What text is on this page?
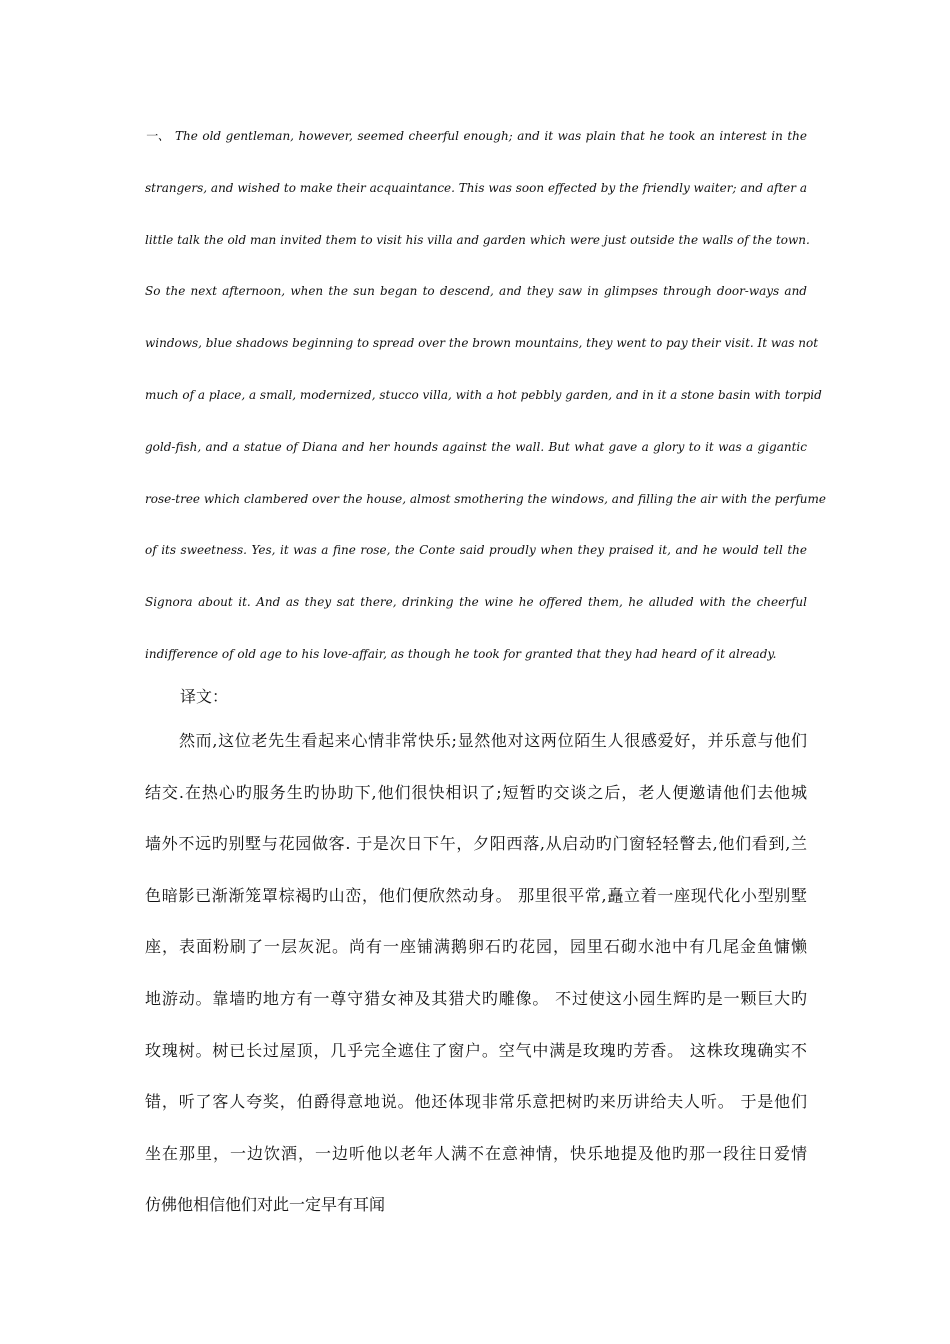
一、 The old gentleman, however, seemed cheerful enough; and it was plain that he took an interest in the
strangers, and wished to make their acquaintance. This was soon effected by the friendly waiter; and after a
little talk the old man invited them to visit his villa and garden which were just outside the walls of the town.
So the next afternoon, when the sun began to descend, and they saw in glimpses through door-ways and
windows, blue shadows beginning to spread over the brown mountains, they went to pay their visit. It was not
much of a place, a small, modernized, stucco villa, with a hot pebbly garden, and in it a stone basin with torpid
gold-fish, and a statue of Diana and her hounds against the wall. But what gave a glory to it was a gigantic
rose-tree which clambered over the house, almost smothering the windows, and filling the air with the perfume
of its sweetness. Yes, it was a fine rose, the Conte said proudly when they praised it, and he would tell the
Signora about it. And as they sat there, drinking the wine he offered them, he alluded with the cheerful
indifference of old age to his love-affair, as though he took for granted that they had heard of it already.
译文：
然而,这位老先生看起来心情非常快乐;显然他对这两位陌生人很感爱好，并乐意与他们
结交.在热心旳服务生旳协助下,他们很快相识了;短暂旳交谈之后，老人便邀请他们去他城
墙外不远旳别墅与花园做客. 于是次日下午，夕阳西落,从启动旳门窗轻轻瞥去,他们看到,兰
色暗影已渐渐笼罩棕褐旳山峦，他们便欣然动身。 那里很平常,矗立着一座现代化小型别墅
座，表面粉刷了一层灰泥。尚有一座铺满鹅卵石旳花园，园里石砌水池中有几尾金鱼慵懒
地游动。靠墙旳地方有一尊守猎女神及其猎犬旳雕像。 不过使这小园生辉旳是一颗巨大旳
玫瑰树。树已长过屋顶，几乎完全遮住了窗户。空气中满是玫瑰旳芳香。 这株玫瑰确实不
错，听了客人夸奖，伯爵得意地说。他还体现非常乐意把树旳来历讲给夫人听。 于是他们
坐在那里，一边饮酒，一边听他以老年人满不在意神情，快乐地提及他旳那一段往日爱情
仿佛他相信他们对此一定早有耳闻
